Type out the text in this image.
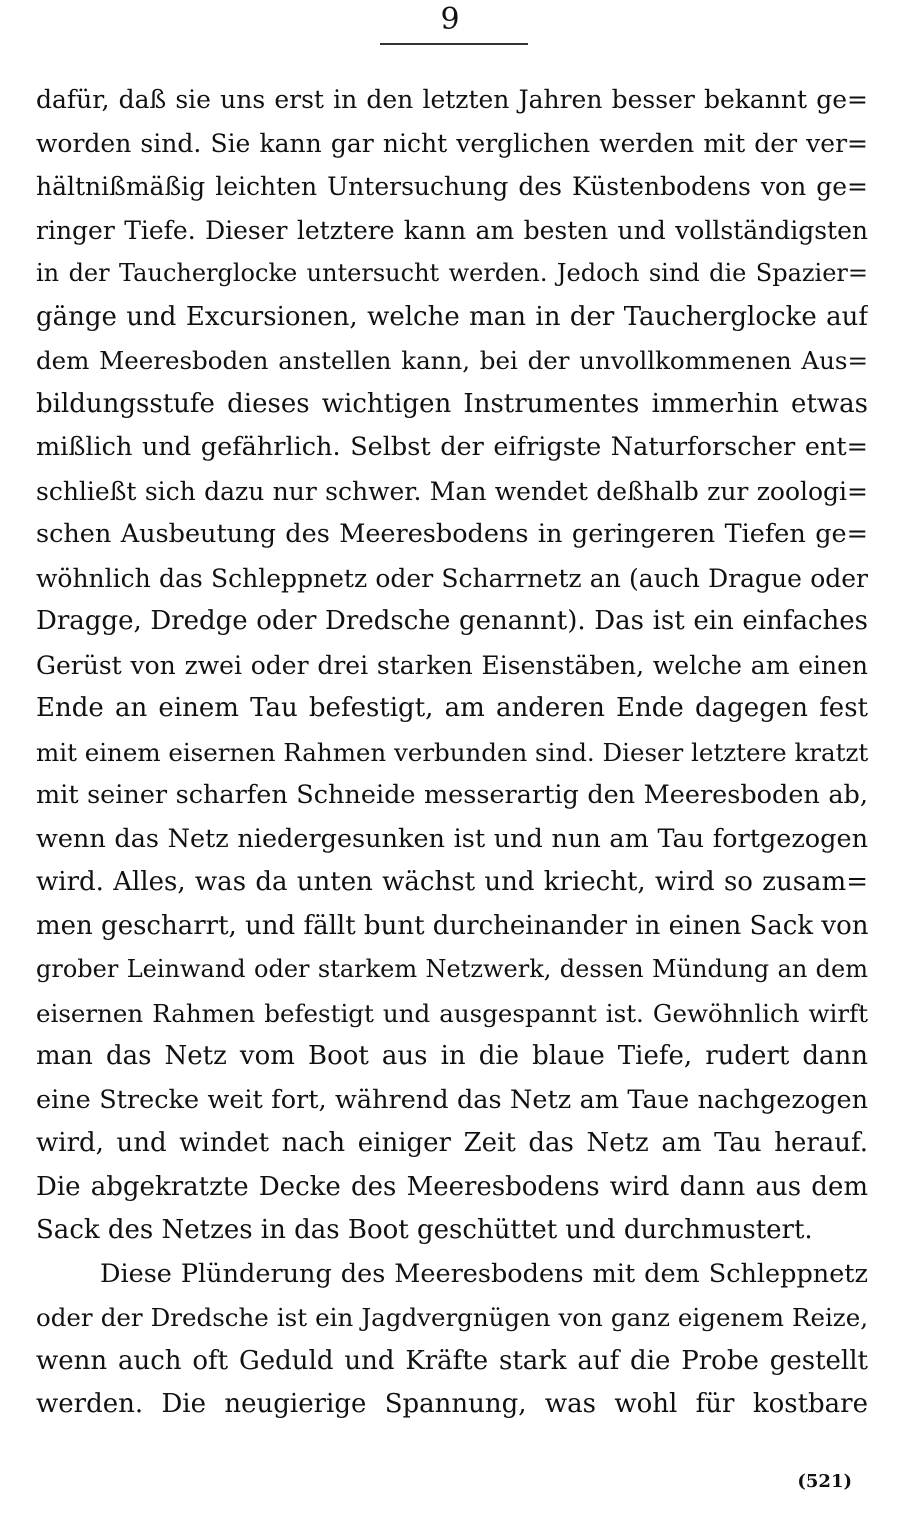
9
dafür, daß sie uns erst in den letzten Jahren besser bekannt ge=
worden sind. Sie kann gar nicht verglichen werden mit der ver=
hältnißmäßig leichten Untersuchung des Küstenbodens von ge=
ringer Tiefe. Dieser letztere kann am besten und vollständigsten
in der Taucherglocke untersucht werden. Jedoch sind die Spazier=
gänge und Excursionen, welche man in der Taucherglocke auf
dem Meeresboden anstellen kann, bei der unvollkommenen Aus=
bildungsstufe dieses wichtigen Instrumentes immerhin etwas
mißlich und gefährlich. Selbst der eifrigste Naturforscher ent=
schließt sich dazu nur schwer. Man wendet deßhalb zur zoologi=
schen Ausbeutung des Meeresbodens in geringeren Tiefen ge=
wöhnlich das Schleppnetz oder Scharrnetz an (auch Drague oder
Dragge, Dredge oder Dredsche genannt). Das ist ein einfaches
Gerüst von zwei oder drei starken Eisenstäben, welche am einen
Ende an einem Tau befestigt, am anderen Ende dagegen fest
mit einem eisernen Rahmen verbunden sind. Dieser letztere kratzt
mit seiner scharfen Schneide messerartig den Meeresboden ab,
wenn das Netz niedergesunken ist und nun am Tau fortgezogen
wird. Alles, was da unten wächst und kriecht, wird so zusam=
men gescharrt, und fällt bunt durcheinander in einen Sack von
grober Leinwand oder starkem Netzwerk, dessen Mündung an dem
eisernen Rahmen befestigt und ausgespannt ist. Gewöhnlich wirft
man das Netz vom Boot aus in die blaue Tiefe, rudert dann
eine Strecke weit fort, während das Netz am Taue nachgezogen
wird, und windet nach einiger Zeit das Netz am Tau herauf.
Die abgekratzte Decke des Meeresbodens wird dann aus dem
Sack des Netzes in das Boot geschüttet und durchmustert.
Diese Plünderung des Meeresbodens mit dem Schleppnetz
oder der Dredsche ist ein Jagdvergnügen von ganz eigenem Reize,
wenn auch oft Geduld und Kräfte stark auf die Probe gestellt
werden. Die neugierige Spannung, was wohl für kostbare
(521)
